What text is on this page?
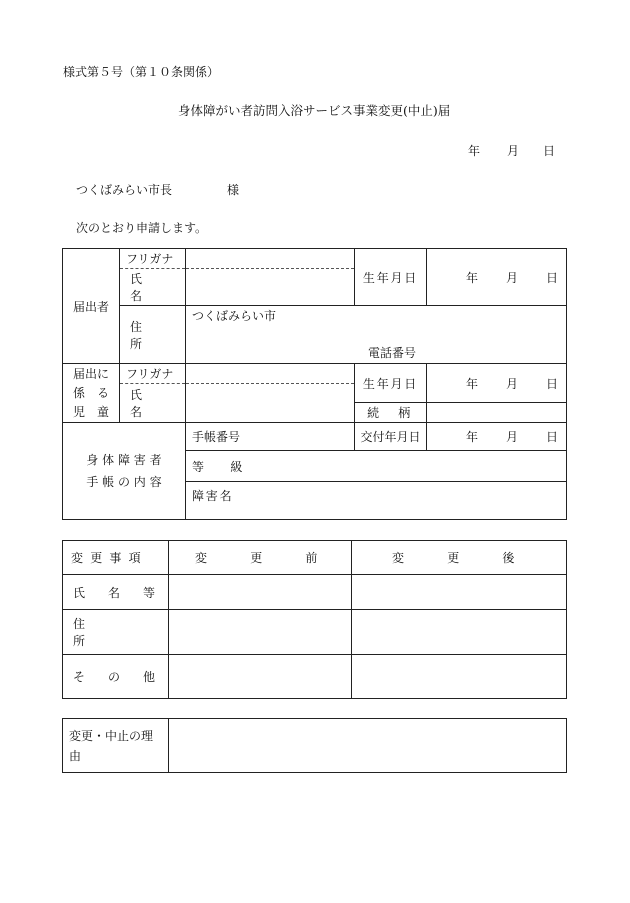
様式第５号（第１０条関係）
身体障がい者訪問入浴サービス事業変更(中止)届
年 月 日
つくばみらい市長	様
次のとおり申請します。
届出者	フリガナ		生年月日	年 月 日
	氏　名			
	住　所	つくばみらい市
電話番号		

届出に
係　る
児　童	フリガナ		生年月日	年 月 日
	氏　名			
			続　柄	

身 体 障 害 者
手 帳 の 内 容		手帳番号	交付年月日	年 月 日
		等　級		
		障害名		
変更事項	変　更　前	変　更　後
氏 名 等		
住　　所		
そ の 他		
変更・中止の理
由
